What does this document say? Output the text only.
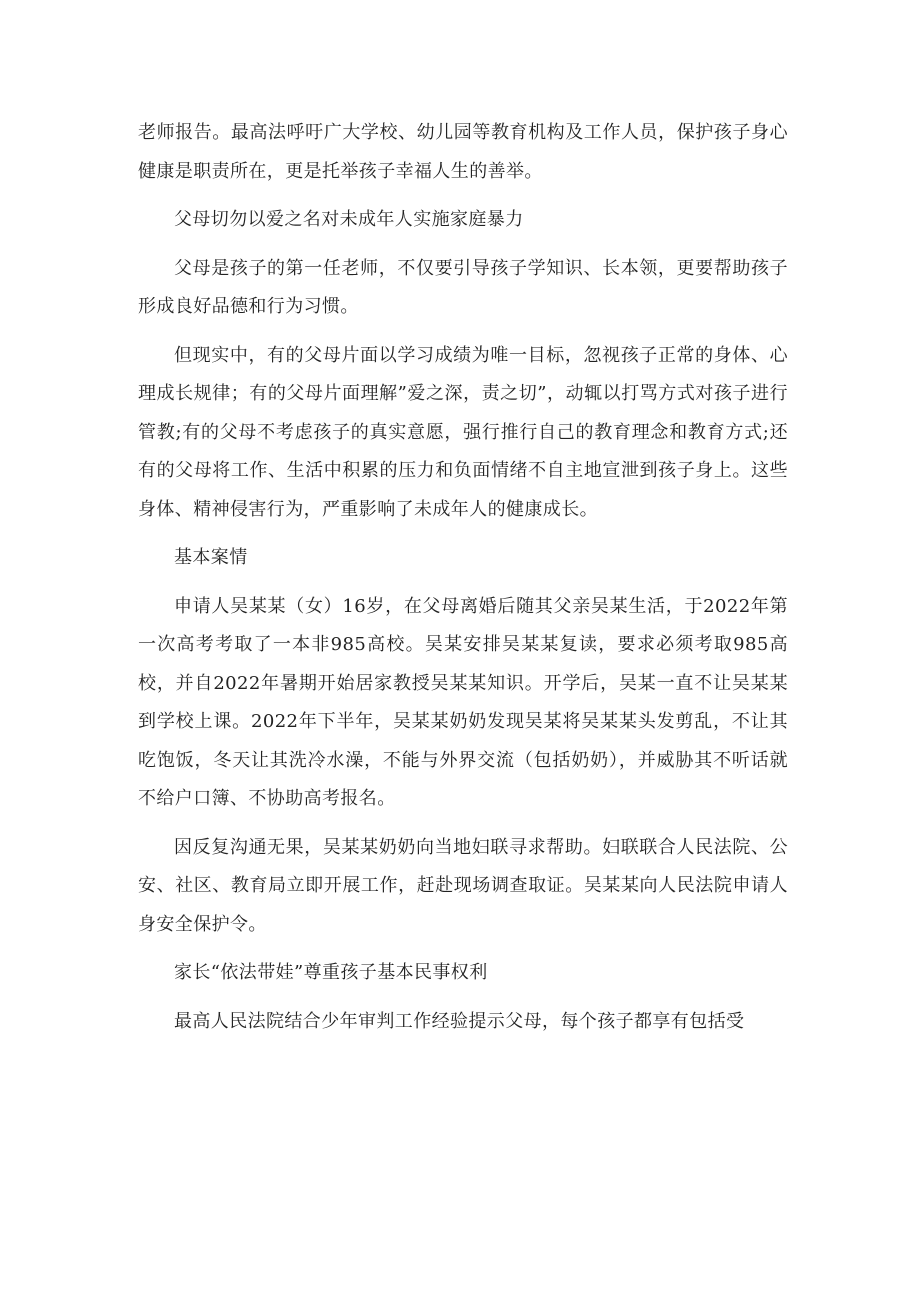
老师报告。最高法呼吁广大学校、幼儿园等教育机构及工作人员，保护孩子身心健康是职责所在，更是托举孩子幸福人生的善举。

父母切勿以爱之名对未成年人实施家庭暴力

父母是孩子的第一任老师，不仅要引导孩子学知识、长本领，更要帮助孩子形成良好品德和行为习惯。

但现实中，有的父母片面以学习成绩为唯一目标，忽视孩子正常的身体、心理成长规律；有的父母片面理解”爱之深，责之切”，动辄以打骂方式对孩子进行管教;有的父母不考虑孩子的真实意愿，强行推行自己的教育理念和教育方式;还有的父母将工作、生活中积累的压力和负面情绪不自主地宣泄到孩子身上。这些身体、精神侵害行为，严重影响了未成年人的健康成长。

基本案情

申请人吴某某（女）16岁，在父母离婚后随其父亲吴某生活，于2022年第一次高考考取了一本非985高校。吴某安排吴某某复读，要求必须考取985高校，并自2022年暑期开始居家教授吴某某知识。开学后，吴某一直不让吴某某到学校上课。2022年下半年，吴某某奶奶发现吴某将吴某某头发剪乱，不让其吃饱饭，冬天让其洗冷水澡，不能与外界交流（包括奶奶），并威胁其不听话就不给户口簿、不协助高考报名。

因反复沟通无果，吴某某奶奶向当地妇联寻求帮助。妇联联合人民法院、公安、社区、教育局立即开展工作，赶赴现场调查取证。吴某某向人民法院申请人身安全保护令。

家长“依法带娃”尊重孩子基本民事权利

最高人民法院结合少年审判工作经验提示父母，每个孩子都享有包括受
